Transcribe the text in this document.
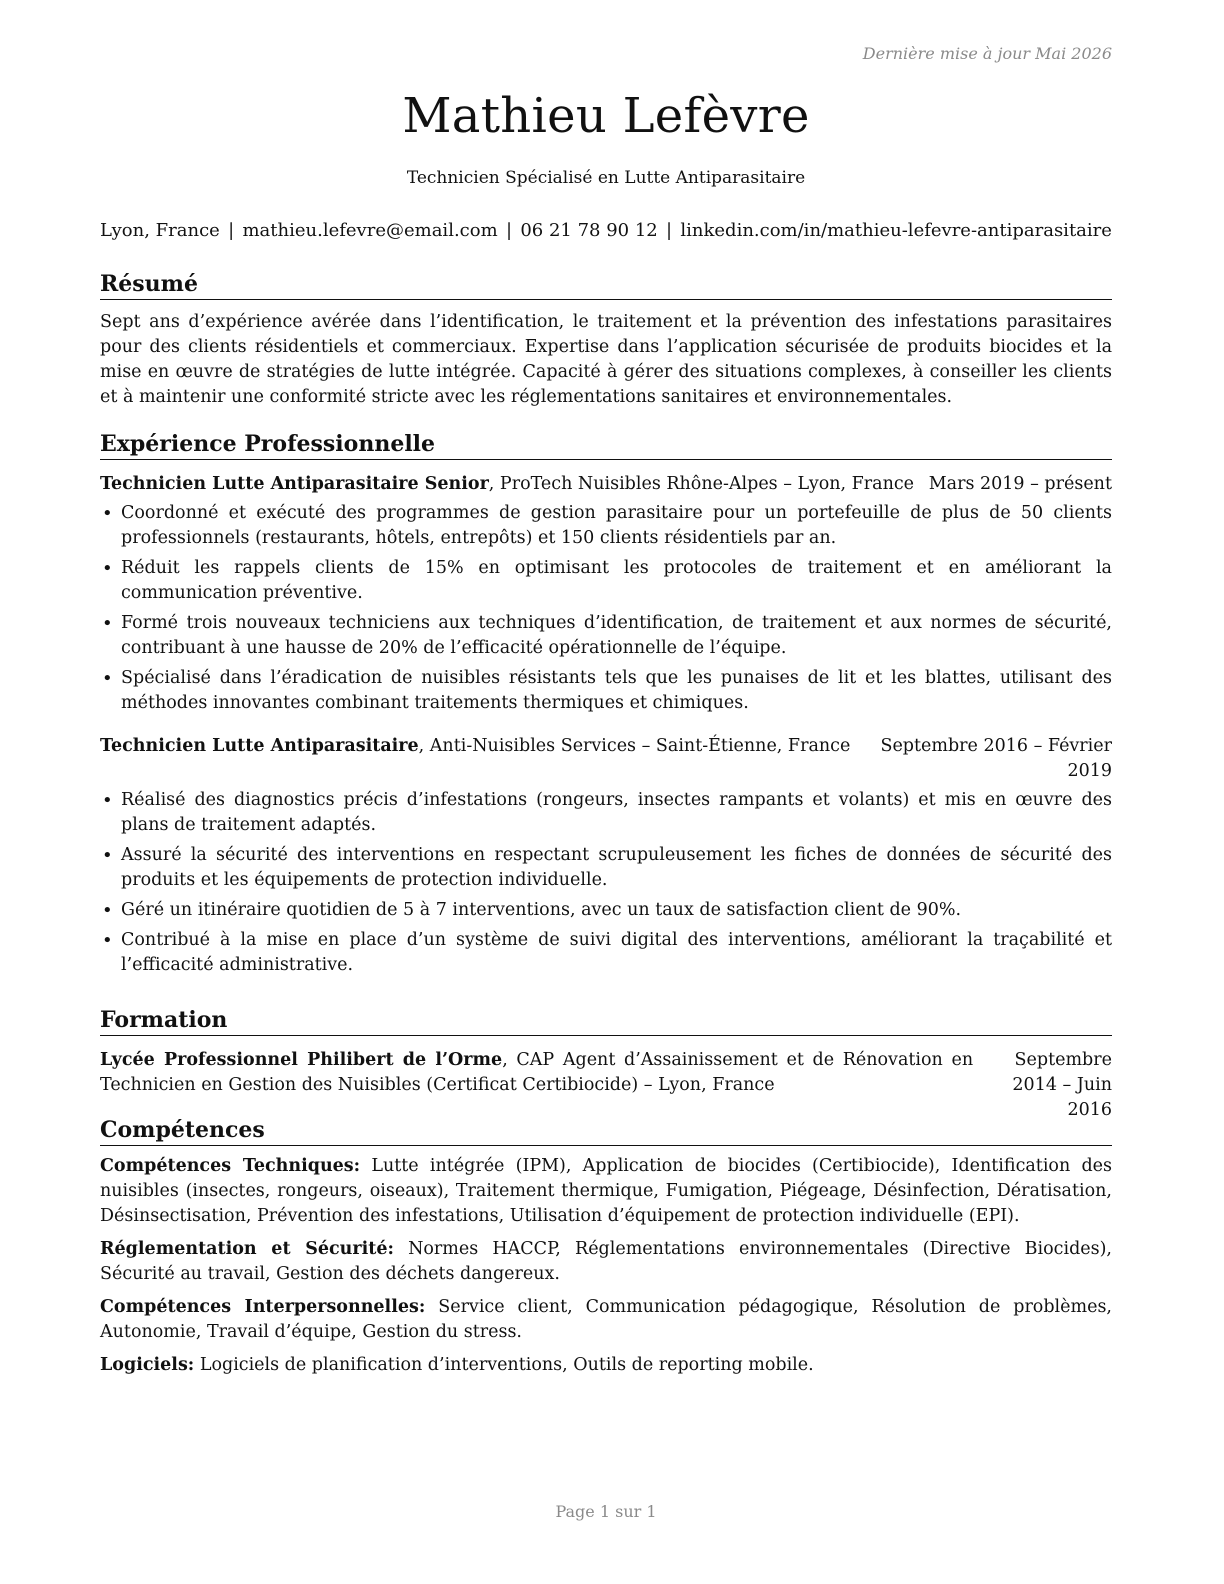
Dernière mise à jour Mai 2026
Mathieu Lefèvre
Technicien Spécialisé en Lutte Antiparasitaire
Lyon, France | mathieu.lefevre@email.com | 06 21 78 90 12 | linkedin.com/in/mathieu-lefevre-antiparasitaire
Résumé

Sept ans d’expérience avérée dans l’identification, le traitement et la prévention des infestations parasitaires pour des clients résidentiels et commerciaux. Expertise dans l’application sécurisée de produits biocides et la mise en œuvre de stratégies de lutte intégrée. Capacité à gérer des situations complexes, à conseiller les clients et à maintenir une conformité stricte avec les réglementations sanitaires et environnementales.

Expérience Professionnelle
Technicien Lutte Antiparasitaire Senior, ProTech Nuisibles Rhône-Alpes – Lyon, France Mars 2019 – présent
• Coordonné et exécuté des programmes de gestion parasitaire pour un portefeuille de plus de 50 clients professionnels (restaurants, hôtels, entrepôts) et 150 clients résidentiels par an.
• Réduit les rappels clients de 15% en optimisant les protocoles de traitement et en améliorant la communication préventive.
• Formé trois nouveaux techniciens aux techniques d’identification, de traitement et aux normes de sécurité, contribuant à une hausse de 20% de l’efficacité opérationnelle de l’équipe.
• Spécialisé dans l’éradication de nuisibles résistants tels que les punaises de lit et les blattes, utilisant des méthodes innovantes combinant traitements thermiques et chimiques.
Technicien Lutte Antiparasitaire, Anti-Nuisibles Services – Saint-Étienne, France	Septembre 2016 – Février 2019
• Réalisé des diagnostics précis d’infestations (rongeurs, insectes rampants et volants) et mis en œuvre des plans de traitement adaptés.
• Assuré la sécurité des interventions en respectant scrupuleusement les fiches de données de sécurité des produits et les équipements de protection individuelle.
• Géré un itinéraire quotidien de 5 à 7 interventions, avec un taux de satisfaction client de 90%.
• Contribué à la mise en place d’un système de suivi digital des interventions, améliorant la traçabilité et l’efficacité administrative.
Formation
Lycée Professionnel Philibert de l’Orme, CAP Agent d’Assainissement et de Rénovation en Technicien en Gestion des Nuisibles (Certificat Certibiocide) – Lyon, France
Septembre 2014 – Juin 2016
Compétences
Compétences Techniques: Lutte intégrée (IPM), Application de biocides (Certibiocide), Identification des nuisibles (insectes, rongeurs, oiseaux), Traitement thermique, Fumigation, Piégeage, Désinfection, Dératisation, Désinsectisation, Prévention des infestations, Utilisation d’équipement de protection individuelle (EPI).
Réglementation et Sécurité: Normes HACCP, Réglementations environnementales (Directive Biocides), Sécurité au travail, Gestion des déchets dangereux.
Compétences Interpersonnelles: Service client, Communication pédagogique, Résolution de problèmes, Autonomie, Travail d’équipe, Gestion du stress.
Logiciels: Logiciels de planification d’interventions, Outils de reporting mobile.
Page 1 sur 1
